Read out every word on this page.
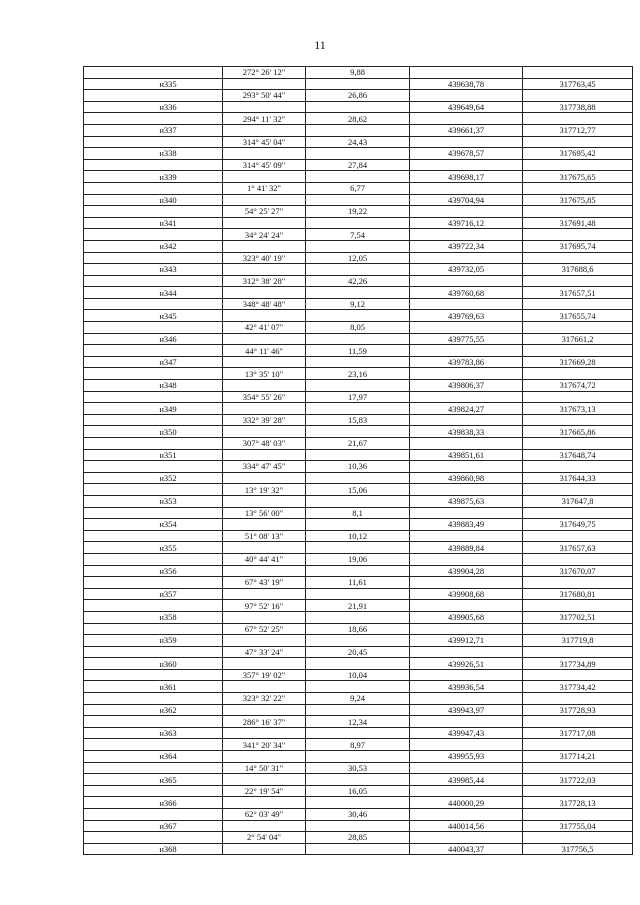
11
	272° 26' 12"	9,88		
н335			439638,78	317763,45
	293° 50' 44"	26,86		
н336			439649,64	317738,88
	294° 11' 32"	28,62		
н337			439661,37	317712,77
	314° 45' 04"	24,43		
н338			439678,57	317695,42
	314° 45' 09"	27,84		
н339			439698,17	317675,65
	1° 41' 32"	6,77		
н340			439704,94	317675,85
	54° 25' 27"	19,22		
н341			439716,12	317691,48
	34° 24' 24"	7,54		
н342			439722,34	317695,74
	323° 40' 19"	12,05		
н343			439732,05	317688,6
	312° 38' 28"	42,26		
н344			439760,68	317657,51
	348° 48' 48"	9,12		
н345			439769,63	317655,74
	42° 41' 07"	8,05		
н346			439775,55	317661,2
	44° 11' 46"	11,59		
н347			439783,86	317669,28
	13° 35' 10"	23,16		
н348			439806,37	317674,72
	354° 55' 26"	17,97		
н349			439824,27	317673,13
	332° 39' 28"	15,83		
н350			439838,33	317665,86
	307° 48' 03"	21,67		
н351			439851,61	317648,74
	334° 47' 45"	10,36		
н352			439860,98	317644,33
	13° 19' 32"	15,06		
н353			439875,63	317647,8
	13° 56' 00"	8,1		
н354			439883,49	317649,75
	51° 08' 13"	10,12		
н355			439889,84	317657,63
	40° 44' 41"	19,06		
н356			439904,28	317670,07
	67° 43' 19"	11,61		
н357			439908,68	317680,81
	97° 52' 16"	21,91		
н358			439905,68	317702,51
	67° 52' 25"	18,66		
н359			439912,71	317719,8
	47° 33' 24"	20,45		
н360			439926,51	317734,89
	357° 19' 02"	10,04		
н361			439936,54	317734,42
	323° 32' 22"	9,24		
н362			439943,97	317728,93
	286° 16' 37"	12,34		
н363			439947,43	317717,08
	341° 20' 34"	8,97		
н364			439955,93	317714,21
	14° 50' 31"	30,53		
н365			439985,44	317722,03
	22° 19' 54"	16,05		
н366			440000,29	317728,13
	62° 03' 49"	30,46		
н367			440014,56	317755,04
	2° 54' 04"	28,85		
н368			440043,37	317756,5
